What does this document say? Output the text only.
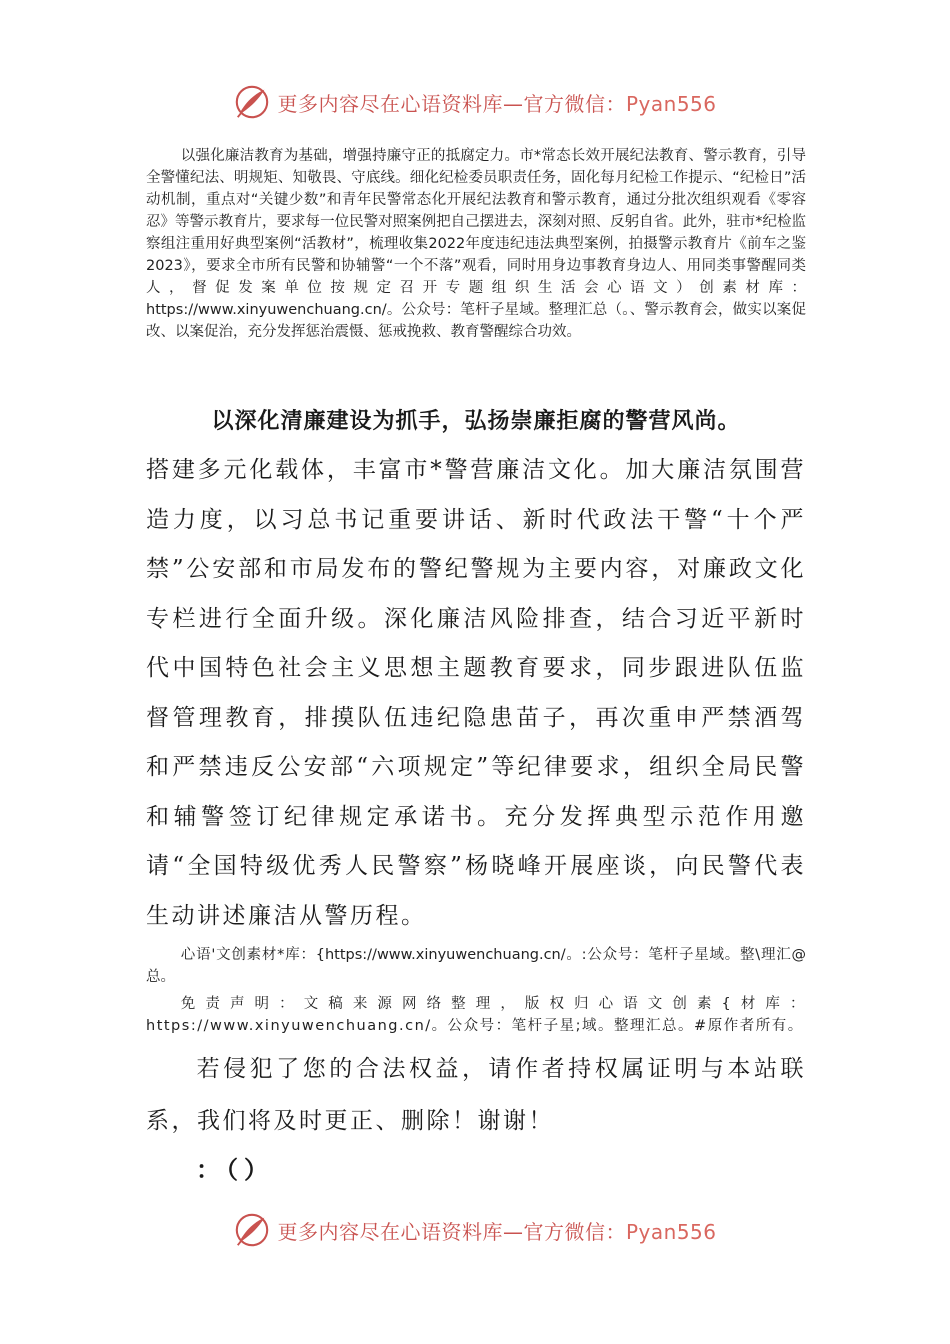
更多内容尽在心语资料库—官方微信：Pyan556
以强化廉洁教育为基础，增强持廉守正的抵腐定力。市*常态长效开展纪法教育、警示教育，引导全警懂纪法、明规矩、知敬畏、守底线。细化纪检委员职责任务，固化每月纪检工作提示、“纪检日”活动机制，重点对“关键少数”和青年民警常态化开展纪法教育和警示教育，通过分批次组织观看《零容忍》等警示教育片，要求每一位民警对照案例把自己摆进去，深刻对照、反躬自省。此外，驻市*纪检监察组注重用好典型案例“活教材”，梳理收集2022年度违纪违法典型案例，拍摄警示教育片《前车之鉴2023》，要求全市所有民警和协辅警“一个不落”观看，同时用身边事教育身边人、用同类事警醒同类人，督促发案单位按规定召开专题组织生活会心语文）创素材库：https://www.xinyuwenchuang.cn/。公众号：笔杆子星域。整理汇总（。、警示教育会，做实以案促改、以案促治，充分发挥惩治震慑、惩戒挽救、教育警醒综合功效。
以深化清廉建设为抓手，弘扬崇廉拒腐的警营风尚。
搭建多元化载体，丰富市*警营廉洁文化。加大廉洁氛围营造力度，以习总书记重要讲话、新时代政法干警“十个严禁”公安部和市局发布的警纪警规为主要内容，对廉政文化专栏进行全面升级。深化廉洁风险排查，结合习近平新时代中国特色社会主义思想主题教育要求，同步跟进队伍监督管理教育，排摸队伍违纪隐患苗子，再次重申严禁酒驾和严禁违反公安部“六项规定”等纪律要求，组织全局民警和辅警签订纪律规定承诺书。充分发挥典型示范作用邀请“全国特级优秀人民警察”杨晓峰开展座谈，向民警代表生动讲述廉洁从警历程。
心语'文创素材*库：{https://www.xinyuwenchuang.cn/。:公众号：笔杆子星域。整\理汇@总。
免责声明：文稿来源网络整理，版权归心语文创素{材库：https://www.xinyuwenchuang.cn/。公众号：笔杆子星;域。整理汇总。#原作者所有。
若侵犯了您的合法权益，请作者持权属证明与本站联系，我们将及时更正、删除！谢谢！
：（）
更多内容尽在心语资料库—官方微信：Pyan556
